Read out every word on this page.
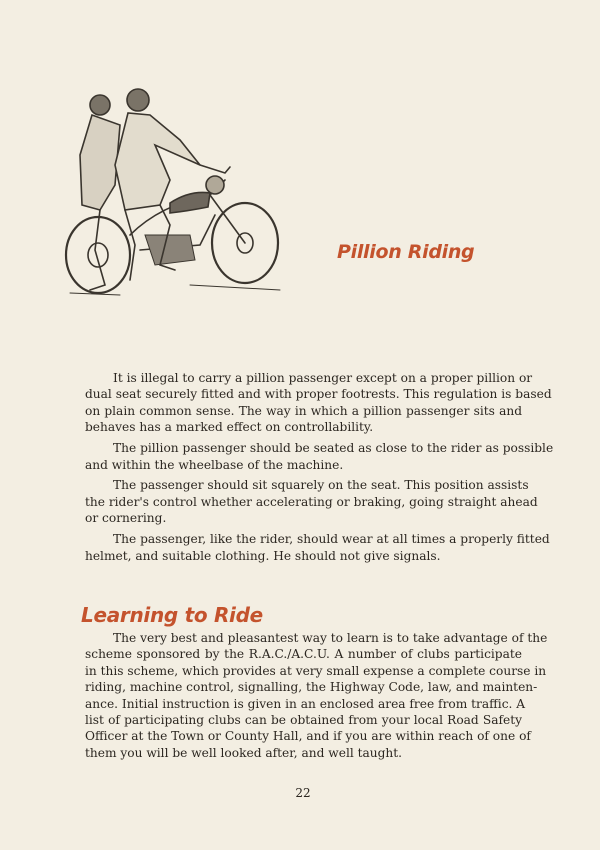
Pillion Riding

It is illegal to carry a pillion passenger except on a proper pillion or
dual seat securely fitted and with proper footrests. This regulation is based
on plain common sense. The way in which a pillion passenger sits and
behaves has a marked effect on controllability.

The pillion passenger should be seated as close to the rider as possible
and within the wheelbase of the machine.

The passenger should sit squarely on the seat. This position assists
the rider's control whether accelerating or braking, going straight ahead
or cornering.

The passenger, like the rider, should wear at all times a properly fitted
helmet, and suitable clothing. He should not give signals.

Learning to Ride

The very best and pleasantest way to learn is to take advantage of the
scheme sponsored by the R.A.C./A.C.U. A number of clubs participate
in this scheme, which provides at very small expense a complete course in
riding, machine control, signalling, the Highway Code, law, and mainten-
ance. Initial instruction is given in an enclosed area free from traffic. A
list of participating clubs can be obtained from your local Road Safety
Officer at the Town or County Hall, and if you are within reach of one of
them you will be well looked after, and well taught.

22
